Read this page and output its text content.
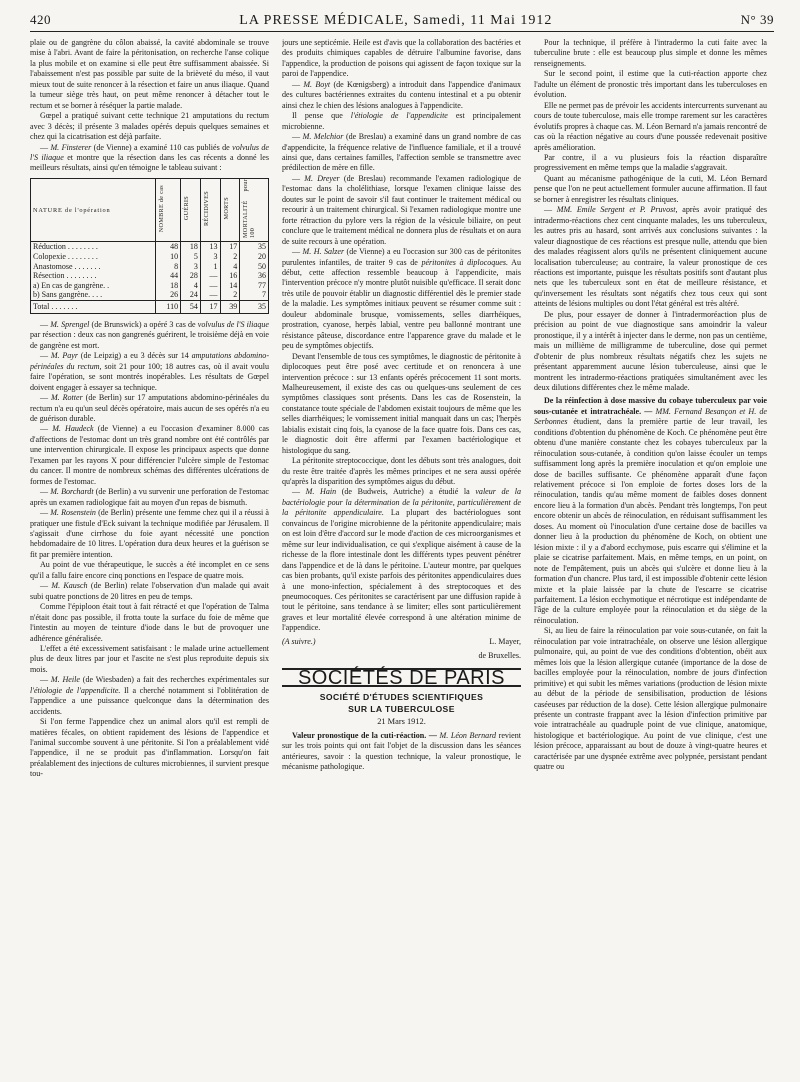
420	LA PRESSE MÉDICALE, Samedi, 11 Mai 1912	N° 39

plaie ou de gangrène du côlon abaissé, la cavité abdominale se trouve mise à l'abri. Avant de faire la péritonisation, on recherche l'anse colique la plus mobile et on examine si elle peut être suffisamment abaissée. Si l'abaissement n'est pas possible par suite de la brièveté du méso, il vaut mieux tout de suite renoncer à la résection et faire un anus iliaque. Quand la tumeur siège très haut, on peut même renoncer à détacher tout le rectum et se borner à réséquer la partie malade.

Gœpel a pratiqué suivant cette technique 21 amputations du rectum avec 3 décès; il présente 3 malades opérés depuis quelques semaines et chez qui la cicatrisation est déjà parfaite.

— M. Finsterer (de Vienne) a examiné 110 cas publiés de volvulus de l'S iliaque et montre que la résection dans les cas récents a donné les meilleurs résultats, ainsi qu'en témoigne le tableau suivant :

NATURE de l'opération	NOMBRE de cas	GUÉRIS	RÉCIDIVES	MORTS	MORTALITÉ pour 100
Réduction . . . . . . . .	48	18	13	17	35
Colopexie . . . . . . . .	10	5	3	2	20
Anastomose . . . . . . .	8	3	1	4	50
Résection . . . . . . . .	44	28	—	16	36
a) En cas de gangrène. .	18	4	—	14	77
b) Sans gangrène. . . .	26	24	—	2	7
Total . . . . . . .	110	54	17	39	35

— M. Sprengel (de Brunswick) a opéré 3 cas de volvulus de l'S iliaque par résection : deux cas non gangrenés guérirent, le troisième déjà en voie de gangrène est mort.

— M. Payr (de Leipzig) a eu 3 décès sur 14 amputations abdomino-périnéales du rectum, soit 21 pour 100; 18 autres cas, où il avait voulu faire l'opération, se sont montrés inopérables. Les résultats de Gœpel doivent engager à essayer sa technique.

— M. Rotter (de Berlin) sur 17 amputations abdomino-périnéales du rectum n'a eu qu'un seul décès opératoire, mais aucun de ses opérés n'a eu de guérison durable.

— M. Haudeck (de Vienne) a eu l'occasion d'examiner 8.000 cas d'affections de l'estomac dont un très grand nombre ont été contrôlés par une intervention chirurgicale. Il expose les principaux aspects que donne l'examen par les rayons X pour différencier l'ulcère simple de l'estomac du cancer. Il montre de nombreux schémas des différentes ulcérations de formes de l'estomac.

— M. Borchardt (de Berlin) a vu survenir une perforation de l'estomac après un examen radiologique fait au moyen d'un repas de bismuth.

— M. Rosenstein (de Berlin) présente une femme chez qui il a réussi à pratiquer une fistule d'Eck suivant la technique modifiée par Jérusalem. Il s'agissait d'une cirrhose du foie ayant nécessité une ponction hebdomadaire de 10 litres. L'opération dura deux heures et la guérison se fit par première intention.

Au point de vue thérapeutique, le succès a été incomplet en ce sens qu'il a fallu faire encore cinq ponctions en l'espace de quatre mois.

— M. Kausch (de Berlin) relate l'observation d'un malade qui avait subi quatre ponctions de 20 litres en peu de temps.

Comme l'épiploon était tout à fait rétracté et que l'opération de Talma n'était donc pas possible, il frotta toute la surface du foie de même que l'intestin au moyen de teinture d'iode dans le but de provoquer une adhérence généralisée.

L'effet a été excessivement satisfaisant : le malade urine actuellement plus de deux litres par jour et l'ascite ne s'est plus reproduite depuis six mois.

— M. Heile (de Wiesbaden) a fait des recherches expérimentales sur l'étiologie de l'appendicite. Il a cherché notamment si l'oblitération de l'appendice a une puissance quelconque dans la détermination des accidents.

Si l'on ferme l'appendice chez un animal alors qu'il est rempli de matières fécales, on obtient rapidement des lésions de l'appendice et l'animal succombe souvent à une péritonite. Si l'on a préalablement vidé l'appendice, il ne se produit pas d'inflammation. Lorsqu'on fait préalablement des injections de cultures microbiennes, il survient presque tou-

jours une septicémie. Heile est d'avis que la collaboration des bactéries et des produits chimiques capables de détruire l'albumine favorise, dans l'appendice, la production de poisons qui agissent de façon toxique sur la paroi de l'appendice.

— M. Boyt (de Kœnigsberg) a introduit dans l'appendice d'animaux des cultures bactériennes extraites du contenu intestinal et a pu obtenir ainsi chez le chien des lésions analogues à l'appendicite.

Il pense que l'étiologie de l'appendicite est principalement microbienne.

— M. Melchior (de Breslau) a examiné dans un grand nombre de cas d'appendicite, la fréquence relative de l'influence familiale, et il a trouvé ainsi que, dans certaines familles, l'affection semble se transmettre avec prédilection de mère en fille.

— M. Dreyer (de Breslau) recommande l'examen radiologique de l'estomac dans la cholélithiase, lorsque l'examen clinique laisse des doutes sur le point de savoir s'il faut continuer le traitement médical ou recourir à un traitement chirurgical. Si l'examen radiologique montre une forte rétraction du pylore vers la région de la vésicule biliaire, on peut conclure que le traitement médical ne donnera plus de résultats et on aura de suite recours à une opération.

— M. H. Salzer (de Vienne) a eu l'occasion sur 300 cas de péritonites purulentes infantiles, de traiter 9 cas de péritonites à diplocoques. Au début, cette affection ressemble beaucoup à l'appendicite, mais l'intervention précoce n'y montre plutôt nuisible qu'efficace. Il serait donc très utile de pouvoir établir un diagnostic différentiel dès le premier stade de la maladie. Les symptômes initiaux peuvent se résumer comme suit : douleur abdominale brusque, vomissements, selles diarrhéiques, prostration, cyanose, herpès labial, ventre peu ballonné montrant une résistance pâteuse, discordance entre l'apparence grave du malade et le peu de symptômes objectifs.

Devant l'ensemble de tous ces symptômes, le diagnostic de péritonite à diplocoques peut être posé avec certitude et on renoncera à une intervention précoce : sur 13 enfants opérés précocement 11 sont morts. Malheureusement, il existe des cas ou quelques-uns seulement de ces symptômes classiques sont présents. Dans les cas de Rosenstein, la constatance toute spéciale de l'abdomen existait toujours de même que les selles diarrhéiques; le vomissement initial manquait dans un cas; l'herpès labialis existait cinq fois, la cyanose de la face quatre fois. Dans ces cas, le diagnostic doit être affermi par l'examen bactériologique et histologique du sang.

La péritonite streptococcique, dont les débuts sont très analogues, doit du reste être traitée d'après les mêmes principes et ne sera aussi opérée qu'après la disparition des symptômes aigus du début.

— M. Hain (de Budweis, Autriche) a étudié la valeur de la bactériologie pour la détermination de la péritonite, particulièrement de la péritonite appendiculaire. La plupart des bactériologues sont convaincus de l'origine microbienne de la péritonite appendiculaire; mais on est loin d'être d'accord sur le mode d'action de ces microorganismes et même sur leur individualisation, ce qui s'explique aisément à cause de la richesse de la flore intestinale dont les différents types peuvent pénétrer dans l'appendice et de là dans le péritoine. L'auteur montre, par quelques cas bien probants, qu'il existe parfois des péritonites appendiculaires dues à une mono-infection, spécialement à des streptocoques et des pneumocoques. Ces péritonites se caractérisent par une diffusion rapide à tout le péritoine, sans tendance à se limiter; elles sont particulièrement graves et leur mortalité élevée correspond à une altération minime de l'appendice.

(A suivre.)	L. Mayer,
de Bruxelles.
SOCIÉTÉS DE PARIS
SOCIÉTÉ D'ÉTUDES SCIENTIFIQUES
SUR LA TUBERCULOSE
21 Mars 1912.

Valeur pronostique de la cuti-réaction. — M. Léon Bernard revient sur les trois points qui ont fait l'objet de la discussion dans les séances antérieures, savoir : la question technique, la valeur pronostique, le mécanisme pathologique.

Pour la technique, il préfère à l'intradermo la cuti faite avec la tuberculine brute : elle est beaucoup plus simple et donne les mêmes renseignements.

Sur le second point, il estime que la cuti-réaction apporte chez l'adulte un élément de pronostic très important dans les tuberculoses en évolution.

Elle ne permet pas de prévoir les accidents intercurrents survenant au cours de toute tuberculose, mais elle trompe rarement sur les caractères évolutifs propres à chaque cas. M. Léon Bernard n'a jamais rencontré de cas où la réaction négative au cours d'une poussée redevenait positive après amélioration.

Par contre, il a vu plusieurs fois la réaction disparaître progressivement en même temps que la maladie s'aggravait.

Quant au mécanisme pathogénique de la cuti, M. Léon Bernard pense que l'on ne peut actuellement formuler aucune affirmation. Il faut se borner à enregistrer les résultats cliniques.

— MM. Emile Sergent et P. Pruvost, après avoir pratiqué des intradermo-réactions chez cent cinquante malades, les uns tuberculeux, les autres pris au hasard, sont arrivés aux conclusions suivantes : la valeur diagnostique de ces réactions est presque nulle, attendu que bien des malades réagissent alors qu'ils ne présentent cliniquement aucune localisation tuberculeuse; au contraire, la valeur pronostique de ces réactions est importante, puisque les résultats positifs sont d'autant plus nets que les tuberculeux sont en état de meilleure résistance, et qu'inversement les résultats sont négatifs chez tous ceux qui sont atteints de lésions multiples ou dont l'état général est très altéré.

De plus, pour essayer de donner à l'intradermoréaction plus de précision au point de vue diagnostique sans amoindrir la valeur pronostique, il y a intérêt à injecter dans le derme, non pas un centième, mais un millième de milligramme de tuberculine, dose qui permet d'obtenir de plus nombreux résultats négatifs chez les sujets ne présentant apparemment aucune lésion tuberculeuse, ainsi que le montrent les intradermo-réactions pratiquées simultanément avec les deux dilutions différentes chez le même malade.

De la réinfection à dose massive du cobaye tuberculeux par voie sous-cutanée et intratrachéale. — MM. Fernand Besançon et H. de Serbonnes étudient, dans la première partie de leur travail, les conditions d'obtention du phénomène de Koch. Ce phénomène peut être obtenu d'une manière constante chez les cobayes tuberculeux par la réinoculation sous-cutanée, à condition qu'on laisse écouler un temps suffisamment long après la première inoculation et qu'on emploie une dose de bacilles suffisante. Ce phénomène apparaît d'une façon relativement précoce si l'on emploie de fortes doses lors de la réinoculation, tandis qu'au même moment de faibles doses donnent encore lieu à la formation d'un abcès. Pendant très longtemps, l'on peut encore obtenir un abcès de réinoculation, en réduisant suffisamment les doses. Au moment où l'inoculation d'une certaine dose de bacilles va donner lieu à la production du phénomène de Koch, on obtient une lésion mixte : il y a d'abord ecchymose, puis escarre qui s'élimine et la plaie se cicatrise parfaitement. Mais, en même temps, en un point, on note de l'empâtement, puis un abcès qui s'ulcère et donne lieu à la formation d'un chancre. Plus tard, il est impossible d'obtenir cette lésion mixte et la plaie laissée par la chute de l'escarre se cicatrise parfaitement. La lésion ecchymotique et nécrotique est indépendante de l'âge de la culture employée pour la réinoculation et du siège de la réinoculation.

Si, au lieu de faire la réinoculation par voie sous-cutanée, on fait la réinoculation par voie intratrachéale, on observe une lésion allergique pulmonaire, qui, au point de vue des conditions d'obtention, obéit aux mêmes lois que la lésion allergique cutanée (importance de la dose de bacilles employée pour la réinoculation, nombre de jours d'infection primitive) et qui subit les mêmes variations (production de lésion mixte au début de la période de sensibilisation, production de lésions caséeuses par réduction de la dose). Cette lésion allergique pulmonaire présente un contraste frappant avec la lésion d'infection primitive par voie intratrachéale au quadruple point de vue clinique, anatomique, histologique et bactériologique. Au point de vue clinique, c'est une lésion précoce, apparaissant au bout de douze à vingt-quatre heures et caractérisée par une dyspnée extrême avec polypnée, persistant pendant quatre ou
